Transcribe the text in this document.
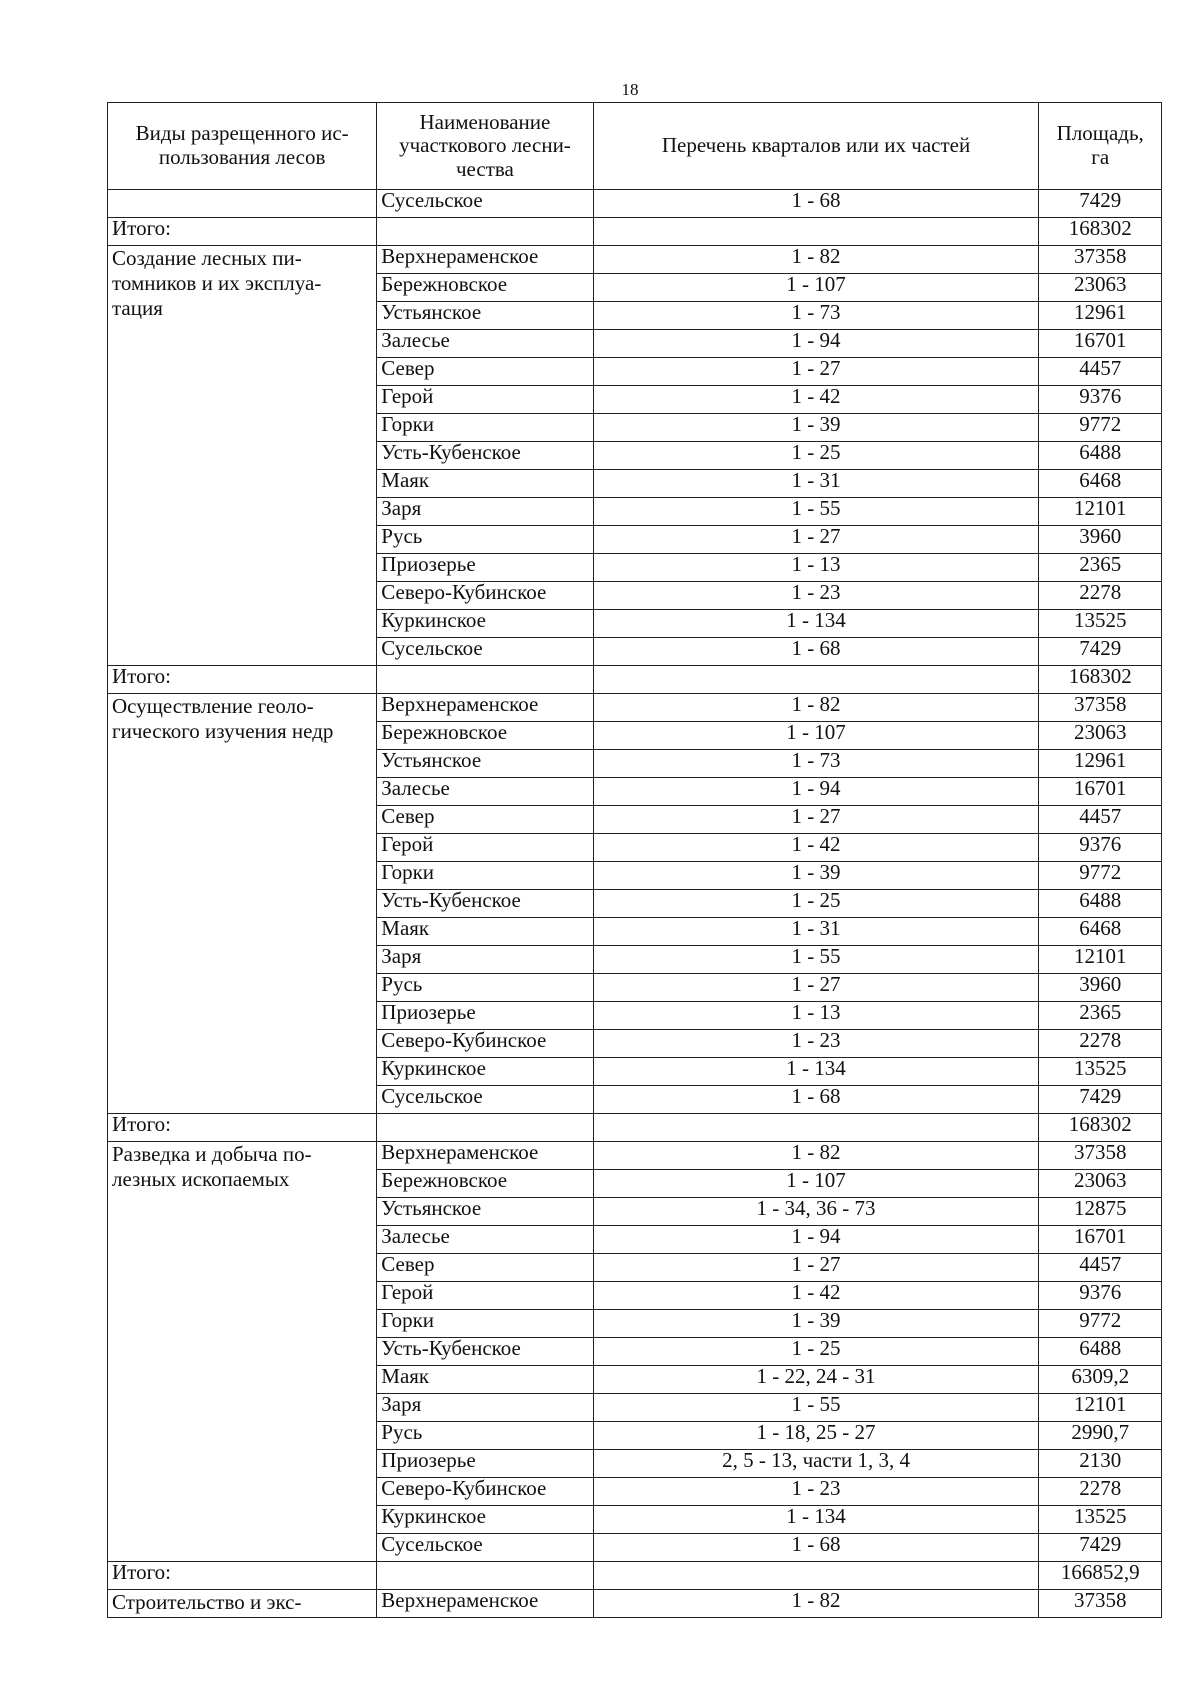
18
Виды разрещенного ис-пользования лесов	Наименование участкового лесни-чества	Перечень кварталов или их частей	Площадь, га
	Сусельское	1 - 68	7429
Итого:			168302

Создание лесных пи-
томников и их эксплуа-
тация	Верхнераменское	1 - 82	37358
	Бережновское	1 - 107	23063
	Устьянское	1 - 73	12961
	Залесье	1 - 94	16701
	Север	1 - 27	4457
	Герой	1 - 42	9376
	Горки	1 - 39	9772
	Усть-Кубенское	1 - 25	6488
	Маяк	1 - 31	6468
	Заря	1 - 55	12101
	Русь	1 - 27	3960
	Приозерье	1 - 13	2365
	Северо-Кубинское	1 - 23	2278
	Куркинское	1 - 134	13525
	Сусельское	1 - 68	7429
Итого:			168302

Осуществление геоло-
гического изучения недр	Верхнераменское	1 - 82	37358
	Бережновское	1 - 107	23063
	Устьянское	1 - 73	12961
	Залесье	1 - 94	16701
	Север	1 - 27	4457
	Герой	1 - 42	9376
	Горки	1 - 39	9772
	Усть-Кубенское	1 - 25	6488
	Маяк	1 - 31	6468
	Заря	1 - 55	12101
	Русь	1 - 27	3960
	Приозерье	1 - 13	2365
	Северо-Кубинское	1 - 23	2278
	Куркинское	1 - 134	13525
	Сусельское	1 - 68	7429
Итого:			168302

Разведка и добыча по-
лезных ископаемых	Верхнераменское	1 - 82	37358
	Бережновское	1 - 107	23063
	Устьянское	1 - 34, 36 - 73	12875
	Залесье	1 - 94	16701
	Север	1 - 27	4457
	Герой	1 - 42	9376
	Горки	1 - 39	9772
	Усть-Кубенское	1 - 25	6488
	Маяк	1 - 22, 24 - 31	6309,2
	Заря	1 - 55	12101
	Русь	1 - 18, 25 - 27	2990,7
	Приозерье	2, 5 - 13, части 1, 3, 4	2130
	Северо-Кубинское	1 - 23	2278
	Куркинское	1 - 134	13525
	Сусельское	1 - 68	7429
Итого:			166852,9

Строительство и экс-	Верхнераменское	1 - 82	37358
